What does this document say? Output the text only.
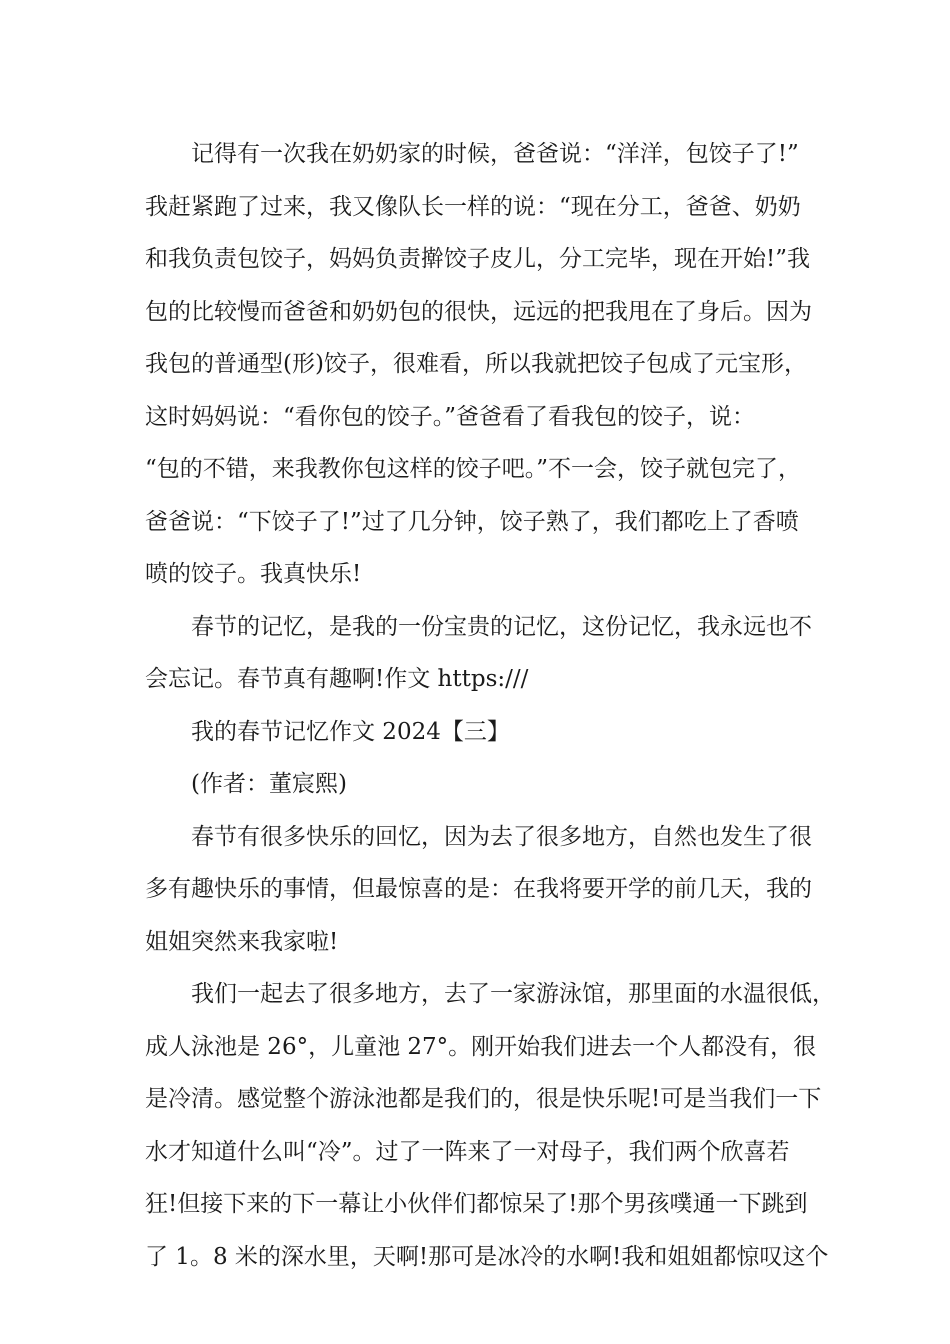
记得有一次我在奶奶家的时候，爸爸说：“洋洋，包饺子了!”
我赶紧跑了过来，我又像队长一样的说：“现在分工，爸爸、奶奶
和我负责包饺子，妈妈负责擀饺子皮儿，分工完毕，现在开始!”我
包的比较慢而爸爸和奶奶包的很快，远远的把我甩在了身后。因为
我包的普通型(形)饺子，很难看，所以我就把饺子包成了元宝形，
这时妈妈说：“看你包的饺子。”爸爸看了看我包的饺子，说：
“包的不错，来我教你包这样的饺子吧。”不一会，饺子就包完了，
爸爸说：“下饺子了!”过了几分钟，饺子熟了，我们都吃上了香喷
喷的饺子。我真快乐!
春节的记忆，是我的一份宝贵的记忆，这份记忆，我永远也不
会忘记。春节真有趣啊!作文 https:///
我的春节记忆作文 2024【三】
(作者：董宸熙)
春节有很多快乐的回忆，因为去了很多地方，自然也发生了很
多有趣快乐的事情，但最惊喜的是：在我将要开学的前几天，我的
姐姐突然来我家啦!
我们一起去了很多地方，去了一家游泳馆，那里面的水温很低，
成人泳池是 26°，儿童池 27°。刚开始我们进去一个人都没有，很
是冷清。感觉整个游泳池都是我们的，很是快乐呢!可是当我们一下
水才知道什么叫“冷”。过了一阵来了一对母子，我们两个欣喜若
狂!但接下来的下一幕让小伙伴们都惊呆了!那个男孩噗通一下跳到
了 1。8 米的深水里，天啊!那可是冰冷的水啊!我和姐姐都惊叹这个
